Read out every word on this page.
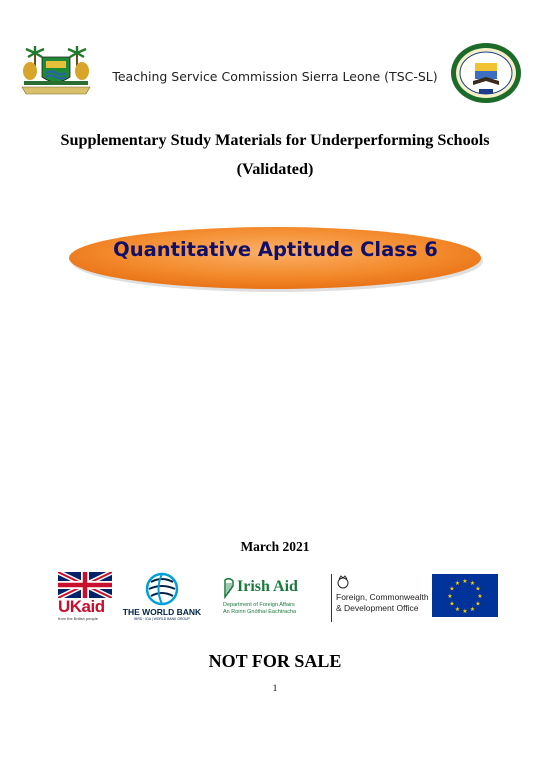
Teaching Service Commission Sierra Leone (TSC-SL)
Supplementary Study Materials for Underperforming Schools
(Validated)
Quantitative Aptitude Class 6
March 2021
UKaid
from the British people
THE WORLD BANK
IBRD · IDA | WORLD BANK GROUP
Irish Aid
Department of Foreign Affairs
An Roinn Gnóthaí Eachtracha
Foreign, Commonwealth
& Development Office
★ ★
★
★
★
★
★
★
★
★
★
★
NOT FOR SALE
1
